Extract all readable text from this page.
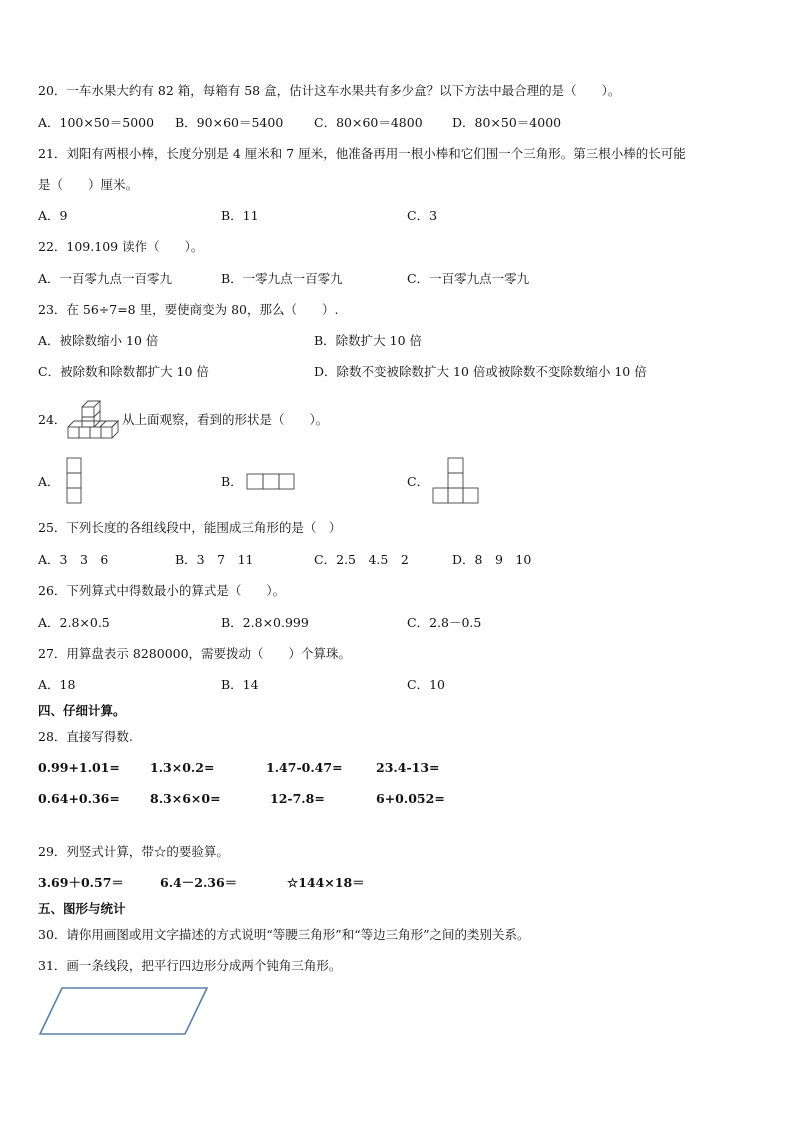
20．一车水果大约有 82 箱，每箱有 58 盒，估计这车水果共有多少盒？以下方法中最合理的是（　　）。
A．100×50＝5000 B．90×60＝5400 C．80×60＝4800 D．80×50＝4000
21．刘阳有两根小棒，长度分别是 4 厘米和 7 厘米，他准备再用一根小棒和它们围一个三角形。第三根小棒的长可能
是（　　）厘米。
A．9	B．11	C．3
22．109.109 读作（　　）。
A．一百零九点一百零九	B．一零九点一百零九	C．一百零九点一零九
23．在 56÷7=8 里，要使商变为 80，那么（　　）.
A．被除数缩小 10 倍	B．除数扩大 10 倍
C．被除数和除数都扩大 10 倍	D．除数不变被除数扩大 10 倍或被除数不变除数缩小 10 倍
24．	从上面观察，看到的形状是（　　）。
A．	B．	C．
25．下列长度的各组线段中，能围成三角形的是（　）
A．3　3　6	B．3　7　11	C．2.5　4.5　2	D．8　9　10
26．下列算式中得数最小的算式是（　　）。
A．2.8×0.5	B．2.8×0.999	C．2.8－0.5
27．用算盘表示 8280000，需要拨动（　　）个算珠。
A．18	B．14	C．10
四、仔细计算。
28．直接写得数.
0.99+1.01= 1.3×0.2=	1.47-0.47=	23.4-13=
0.64+0.36= 8.3×6×0=	12-7.8=	6+0.052=
29．列竖式计算，带☆的要验算。
3.69＋0.57＝	6.4－2.36＝	☆144×18＝
五、图形与统计
30．请你用画图或用文字描述的方式说明“等腰三角形”和“等边三角形”之间的类别关系。
31．画一条线段，把平行四边形分成两个钝角三角形。
